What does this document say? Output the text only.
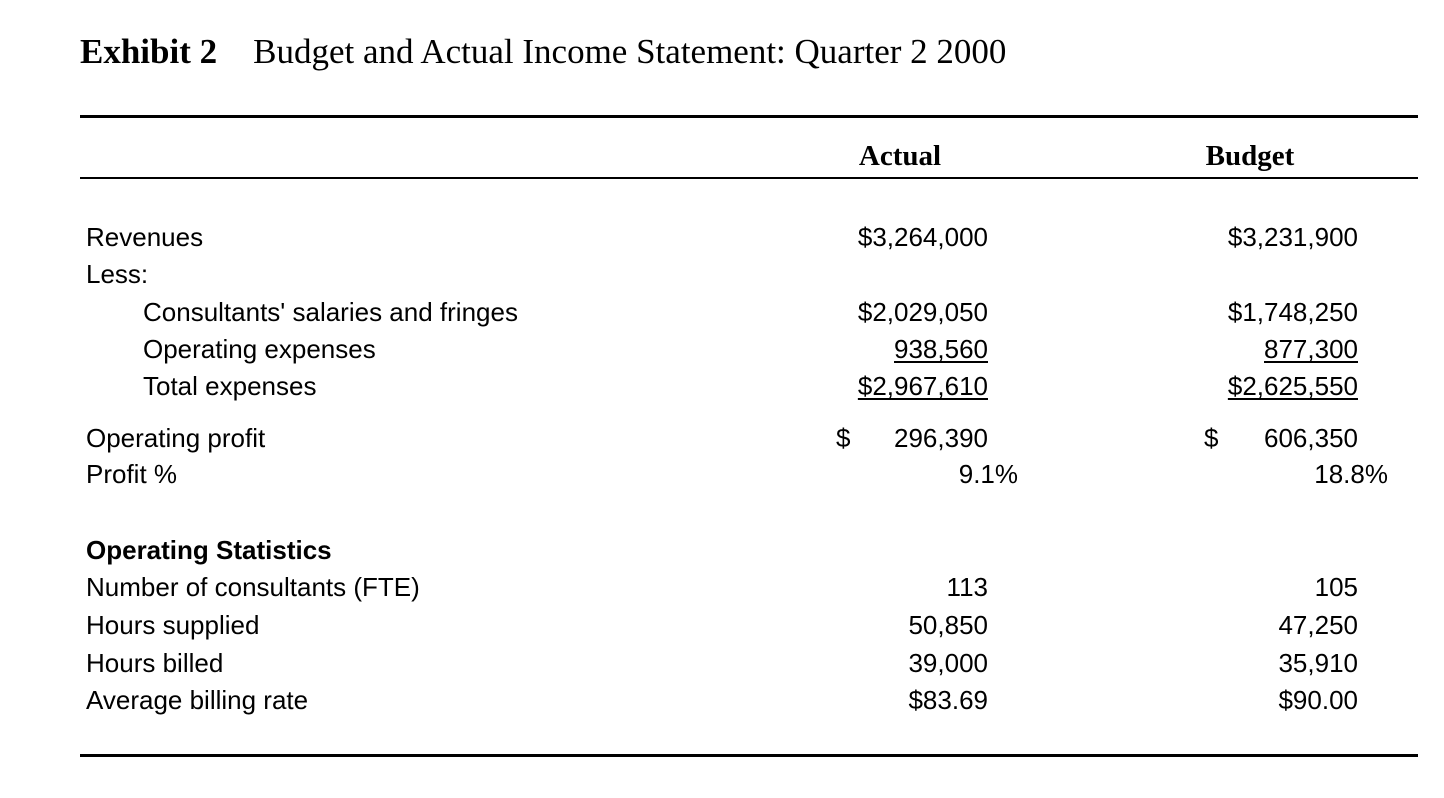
Exhibit 2 Budget and Actual Income Statement: Quarter 2 2000
Actual	Budget
Revenues	$3,264,000	$3,231,900
Less:
Consultants' salaries and fringes	$2,029,050	$1,748,250
Operating expenses	938,560	877,300
Total expenses	$2,967,610	$2,625,550
Operating profit	$ 296,390	$ 606,350
Profit %	9.1%	18.8%
Operating Statistics
Number of consultants (FTE)	113	105
Hours supplied	50,850	47,250
Hours billed	39,000	35,910
Average billing rate	$83.69	$90.00
